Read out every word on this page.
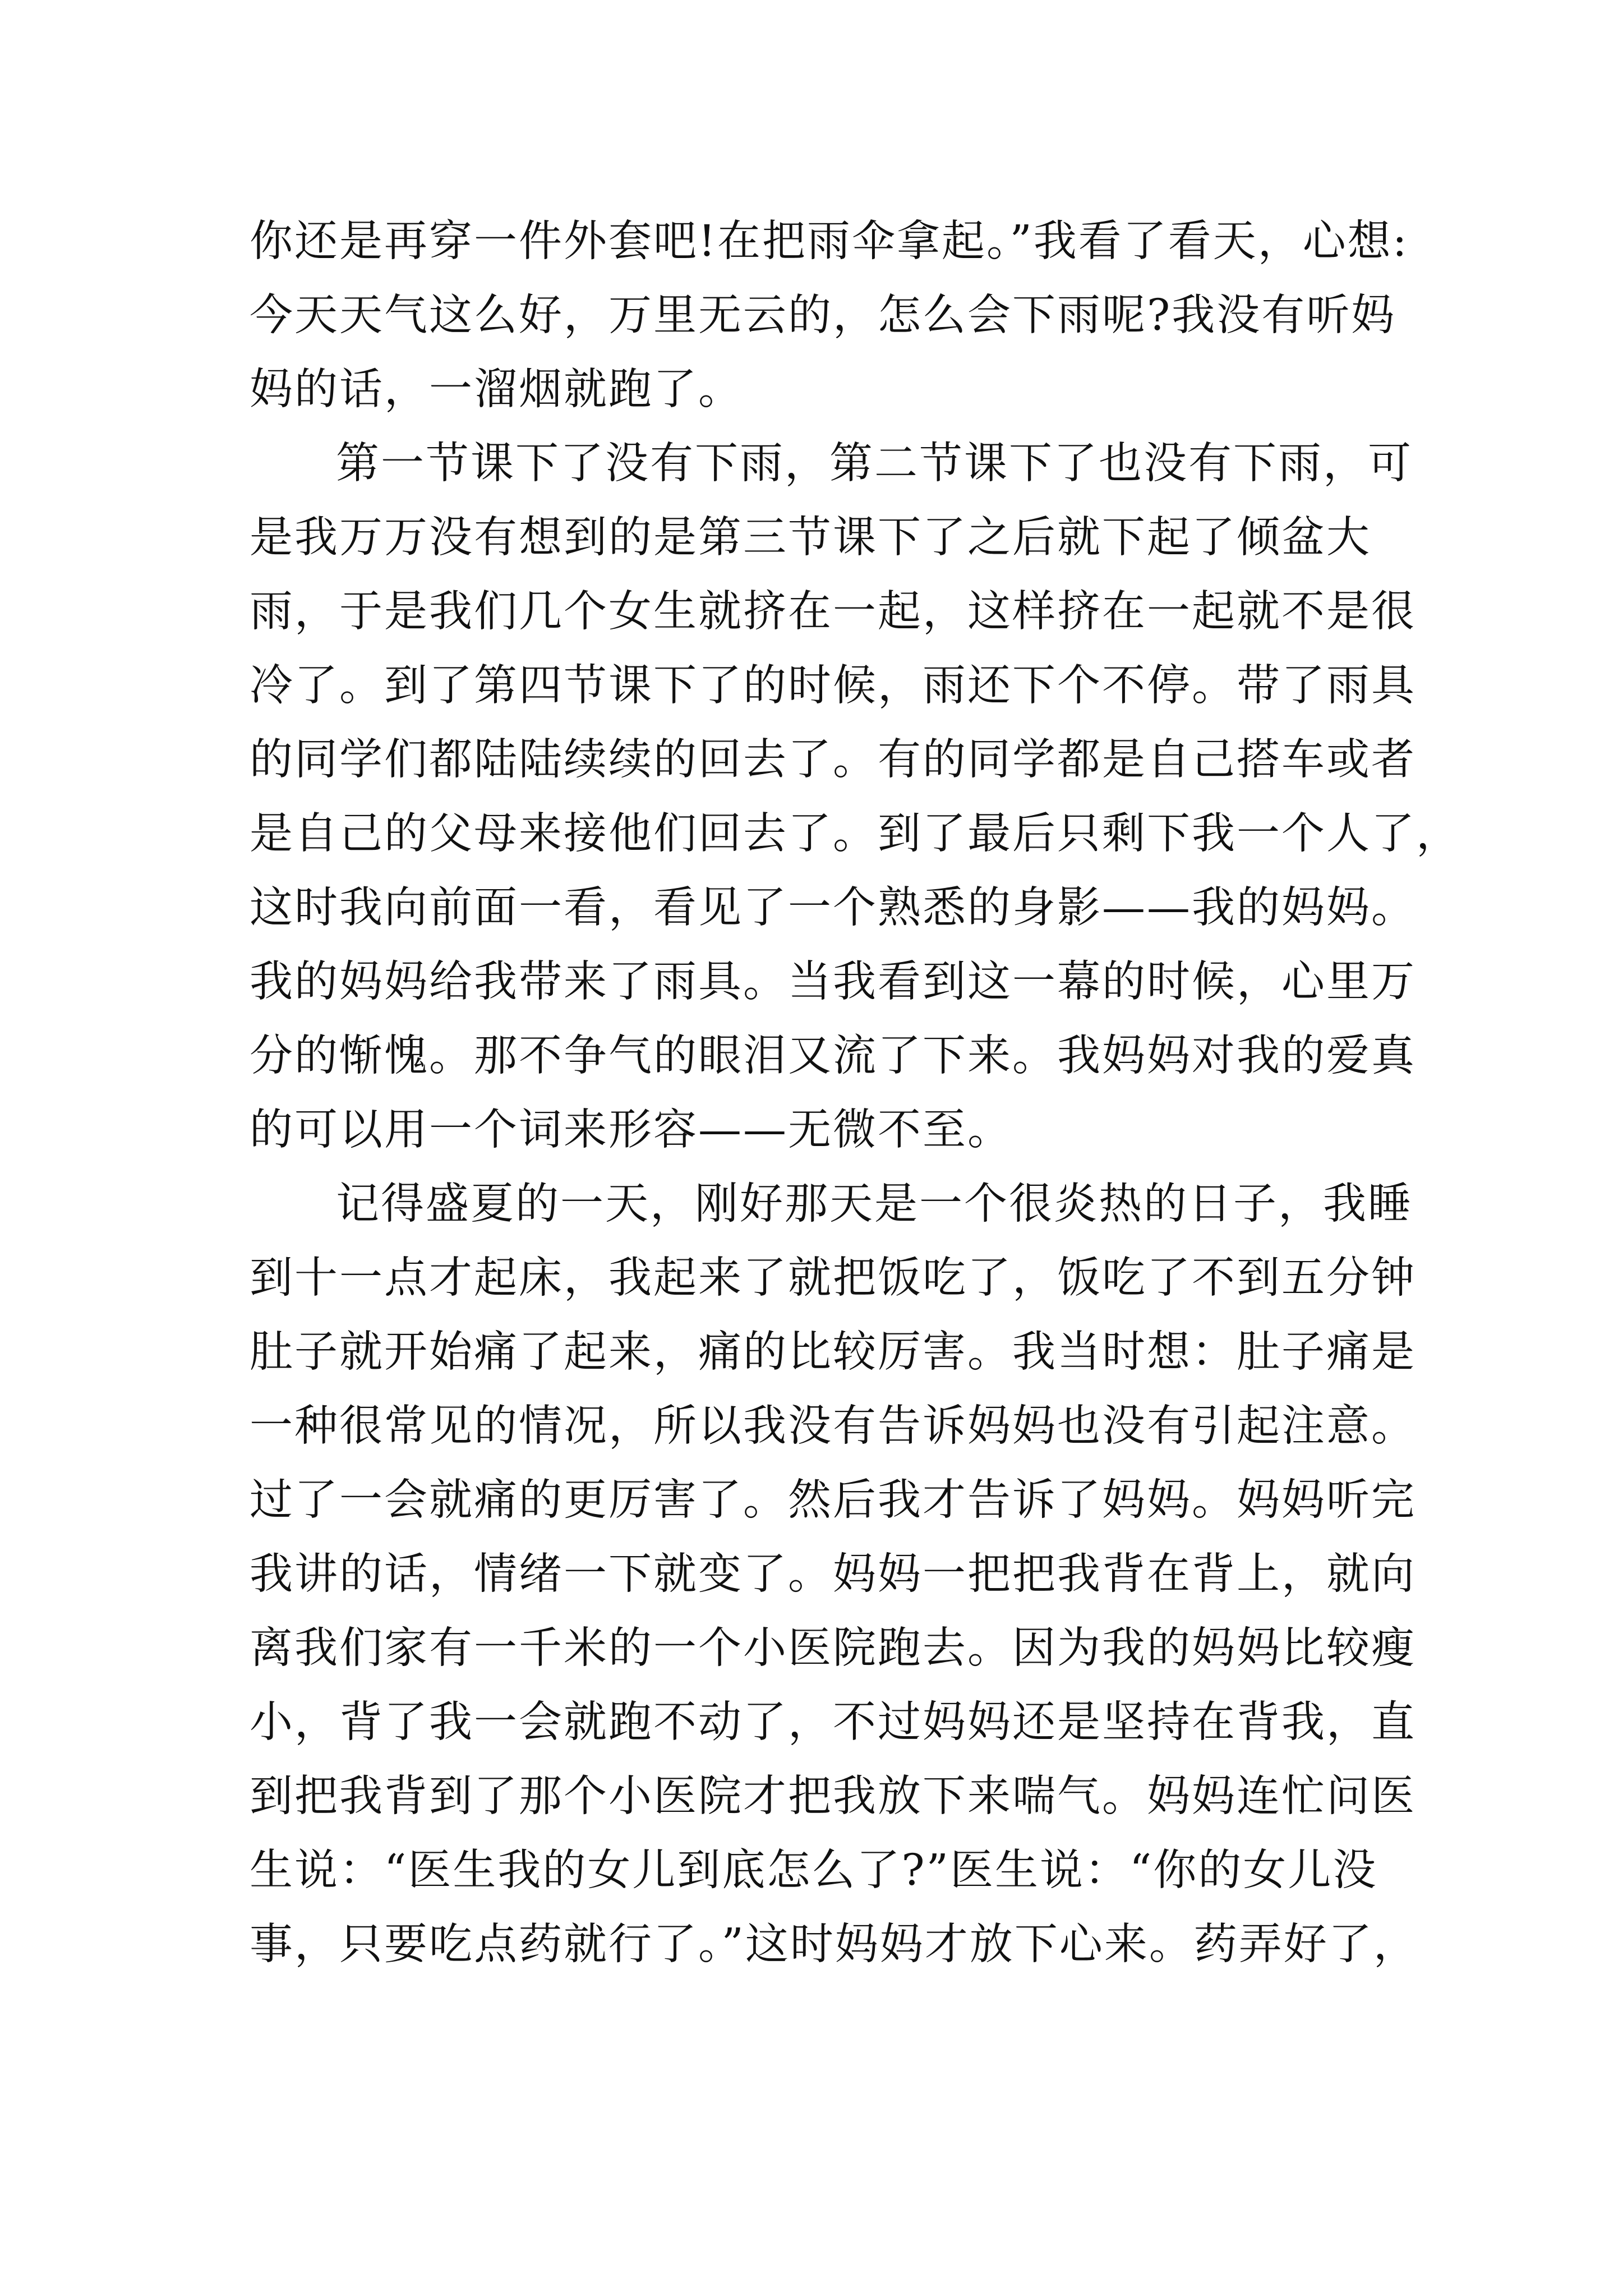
你还是再穿一件外套吧!在把雨伞拿起。”我看了看天，心想:
今天天气这么好，万里无云的，怎么会下雨呢?我没有听妈
妈的话，一溜烟就跑了。
第一节课下了没有下雨，第二节课下了也没有下雨，可
是我万万没有想到的是第三节课下了之后就下起了倾盆大
雨，于是我们几个女生就挤在一起，这样挤在一起就不是很
冷了。到了第四节课下了的时候，雨还下个不停。带了雨具
的同学们都陆陆续续的回去了。有的同学都是自己搭车或者
是自己的父母来接他们回去了。到了最后只剩下我一个人了，
这时我向前面一看，看见了一个熟悉的身影——我的妈妈。
我的妈妈给我带来了雨具。当我看到这一幕的时候，心里万
分的惭愧。那不争气的眼泪又流了下来。我妈妈对我的爱真
的可以用一个词来形容——无微不至。
记得盛夏的一天，刚好那天是一个很炎热的日子，我睡
到十一点才起床，我起来了就把饭吃了，饭吃了不到五分钟
肚子就开始痛了起来，痛的比较厉害。我当时想：肚子痛是
一种很常见的情况，所以我没有告诉妈妈也没有引起注意。
过了一会就痛的更厉害了。然后我才告诉了妈妈。妈妈听完
我讲的话，情绪一下就变了。妈妈一把把我背在背上，就向
离我们家有一千米的一个小医院跑去。因为我的妈妈比较瘦
小，背了我一会就跑不动了，不过妈妈还是坚持在背我，直
到把我背到了那个小医院才把我放下来喘气。妈妈连忙问医
生说：“医生我的女儿到底怎么了?”医生说：“你的女儿没
事，只要吃点药就行了。”这时妈妈才放下心来。药弄好了，
